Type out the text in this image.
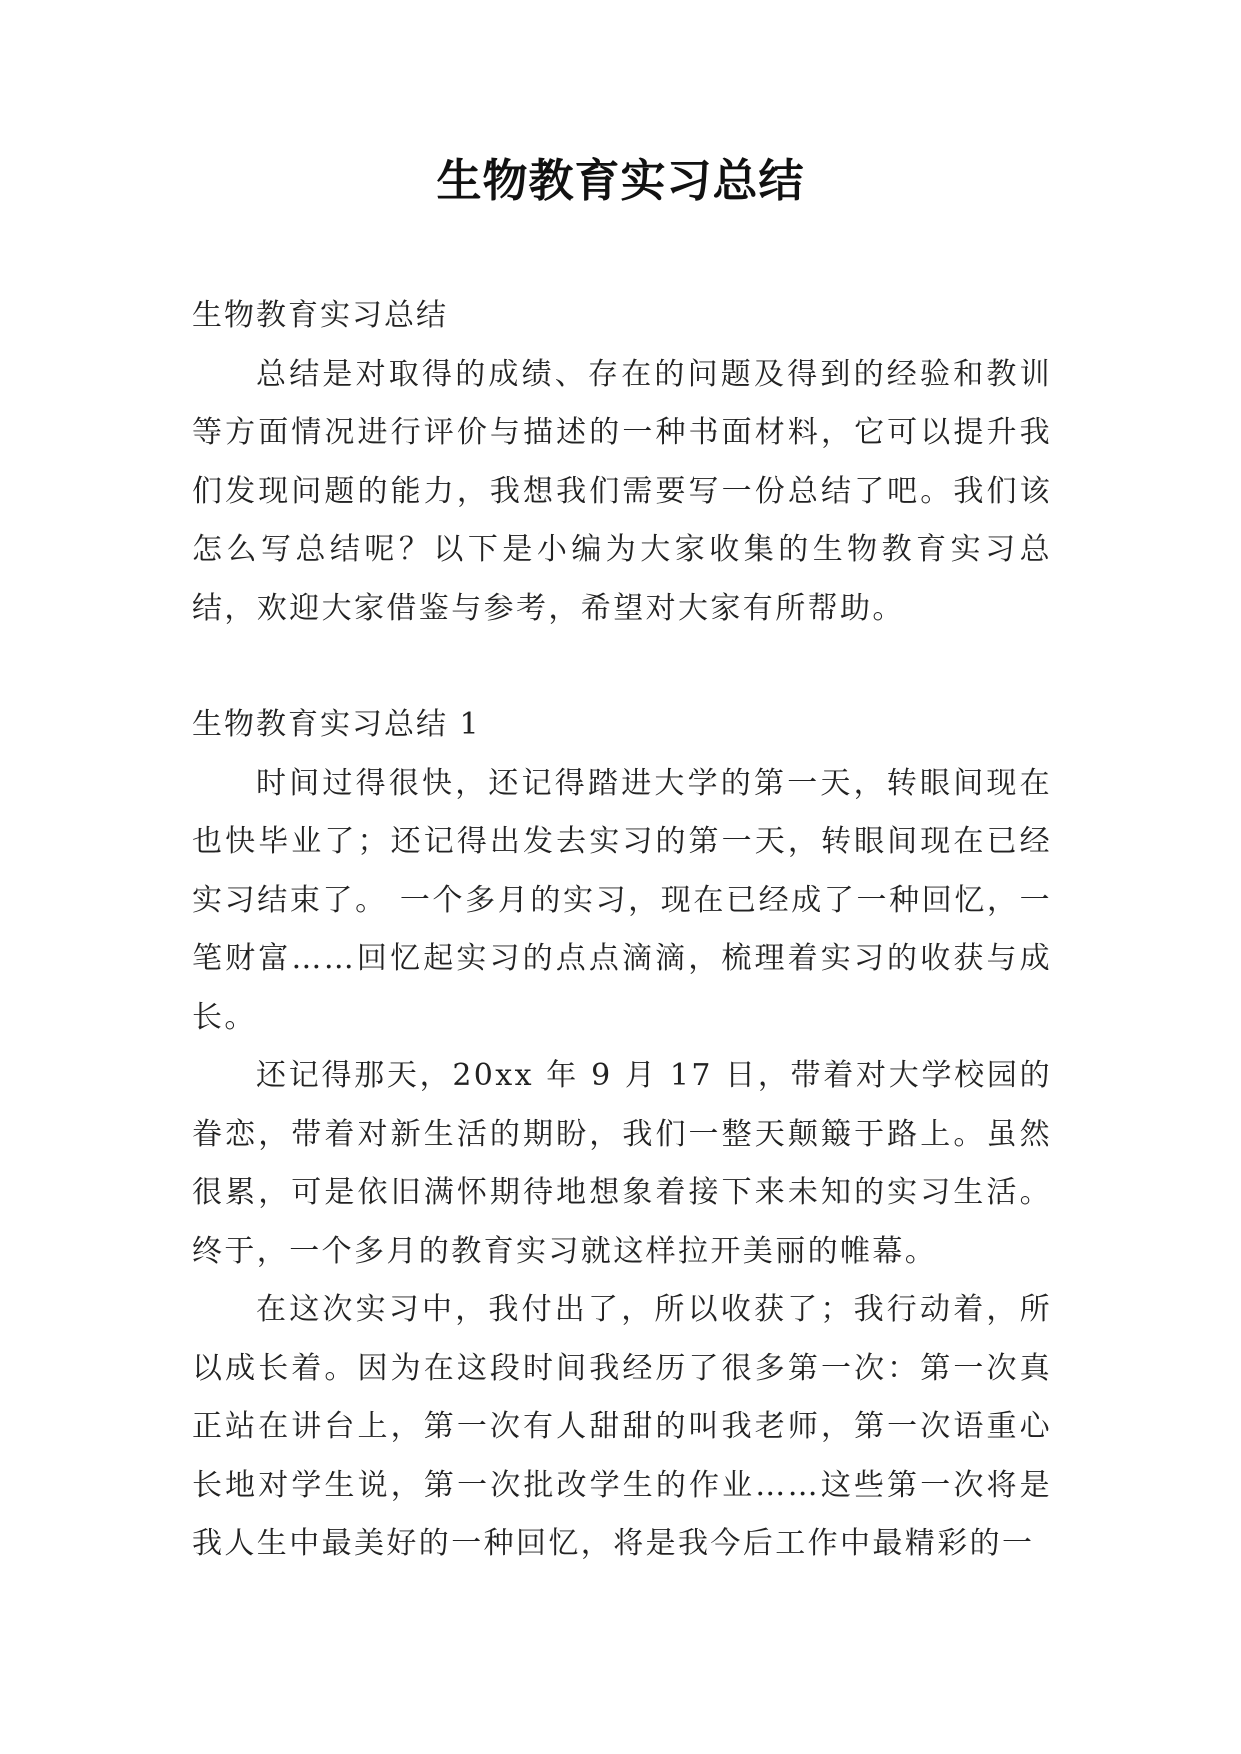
生物教育实习总结

生物教育实习总结

总结是对取得的成绩、存在的问题及得到的经验和教训等方面情况进行评价与描述的一种书面材料，它可以提升我们发现问题的能力，我想我们需要写一份总结了吧。我们该怎么写总结呢？以下是小编为大家收集的生物教育实习总结，欢迎大家借鉴与参考，希望对大家有所帮助。

生物教育实习总结 1

时间过得很快，还记得踏进大学的第一天，转眼间现在也快毕业了；还记得出发去实习的第一天，转眼间现在已经实习结束了。 一个多月的实习，现在已经成了一种回忆，一笔财富……回忆起实习的点点滴滴，梳理着实习的收获与成长。

还记得那天，20xx 年 9 月 17 日，带着对大学校园的眷恋，带着对新生活的期盼，我们一整天颠簸于路上。虽然很累，可是依旧满怀期待地想象着接下来未知的实习生活。终于，一个多月的教育实习就这样拉开美丽的帷幕。

在这次实习中，我付出了，所以收获了；我行动着，所以成长着。因为在这段时间我经历了很多第一次：第一次真正站在讲台上，第一次有人甜甜的叫我老师，第一次语重心长地对学生说，第一次批改学生的作业……这些第一次将是我人生中最美好的一种回忆，将是我今后工作中最精彩的一
